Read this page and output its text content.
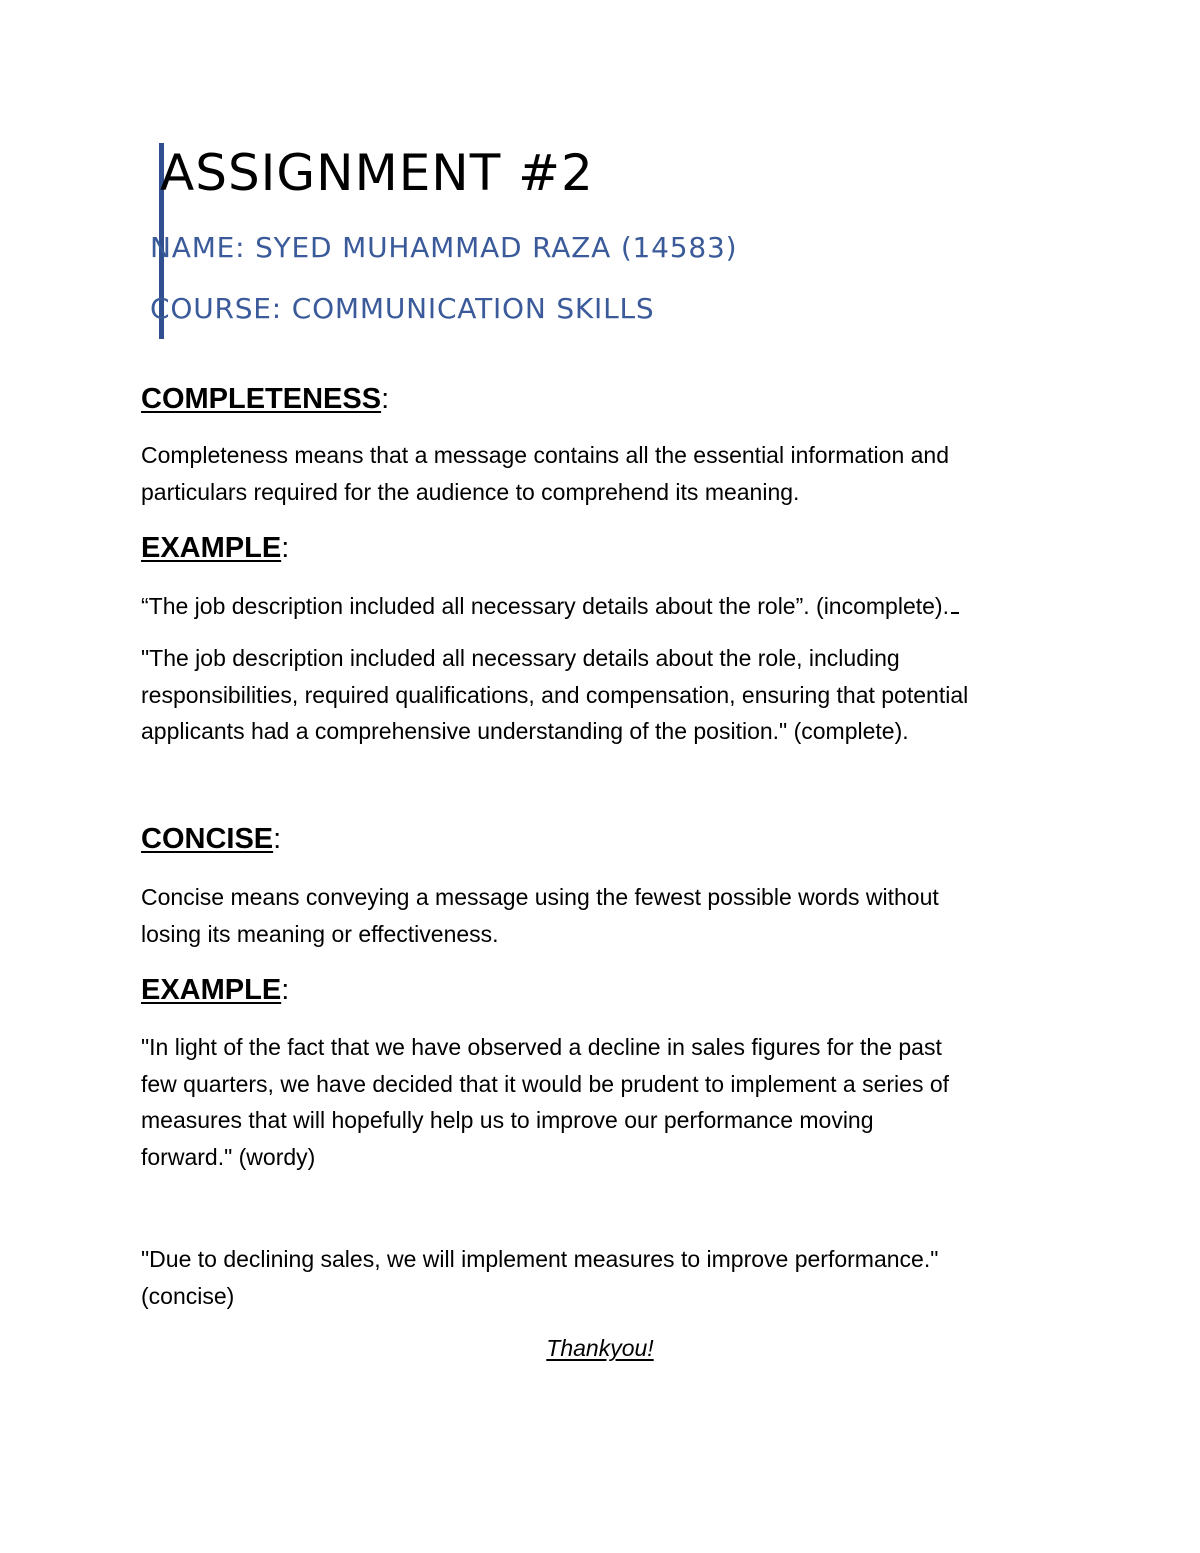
ASSIGNMENT #2

NAME: SYED MUHAMMAD RAZA (14583)

COURSE: COMMUNICATION SKILLS

COMPLETENESS:

Completeness means that a message contains all the essential information and
particulars required for the audience to comprehend its meaning.

EXAMPLE:

“The job description included all necessary details about the role”. (incomplete).

"The job description included all necessary details about the role, including
responsibilities, required qualifications, and compensation, ensuring that potential
applicants had a comprehensive understanding of the position." (complete).

CONCISE:

Concise means conveying a message using the fewest possible words without
losing its meaning or effectiveness.

EXAMPLE:

"In light of the fact that we have observed a decline in sales figures for the past
few quarters, we have decided that it would be prudent to implement a series of
measures that will hopefully help us to improve our performance moving
forward." (wordy)

"Due to declining sales, we will implement measures to improve performance."
(concise)

Thankyou!
